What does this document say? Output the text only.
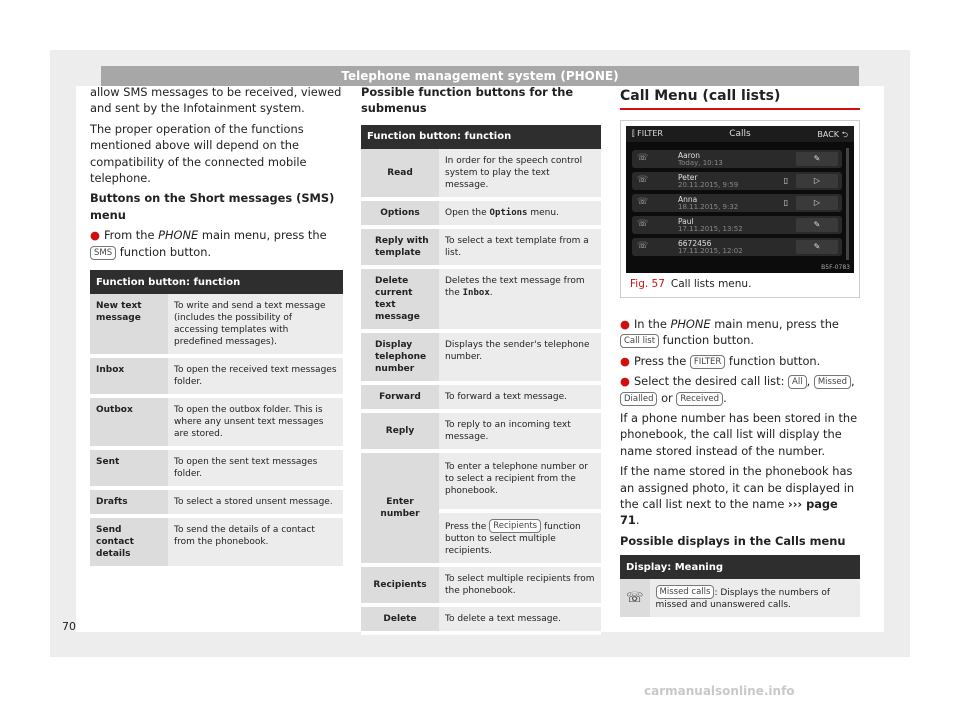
Telephone management system (PHONE)

allow SMS messages to be received, viewed and sent by the Infotainment system.

The proper operation of the functions mentioned above will depend on the compatibility of the connected mobile telephone.

Buttons on the Short messages (SMS) menu

● From the PHONE main menu, press the SMS function button.

Function button: function	
New text message	To write and send a text message (includes the possibility of accessing templates with predefined messages).
Inbox	To open the received text messages folder.
Outbox	To open the outbox folder. This is where any unsent text messages are stored.
Sent	To open the sent text messages folder.
Drafts	To select a stored unsent message.
Send contact details	To send the details of a contact from the phonebook.

Possible function buttons for the submenus

Function button: function	
Read	In order for the speech control system to play the text message.
Options	Open the Options menu.
Reply with template	To select a text template from a list.
Delete current text message	Deletes the text message from the Inbox.
Display telephone number	Displays the sender's telephone number.
Forward	To forward a text message.
Reply	To reply to an incoming text message.
Enter number	To enter a telephone number or to select a recipient from the phonebook.
	Press the Recipients function button to select multiple recipients.
Recipients	To select multiple recipients from the phonebook.
Delete	To delete a text message.
Call Menu (call lists)
⫿ FILTER	Calls	BACK ⮌
☏	Aaron
Today, 10:13	✎
☏	Peter
20.11.2015, 9:59	▯	▷
☏	Anna
18.11.2015, 9:32	▯	▷
☏	Paul
17.11.2015, 13:52	✎
☏	6672456
17.11.2015, 12:02	✎
B5F-0783
Fig. 57 Call lists menu.

● In the PHONE main menu, press the Call list function button.

● Press the FILTER function button.

● Select the desired call list: All , Missed , Dialled or Received .

If a phone number has been stored in the phonebook, the call list will display the name stored instead of the number.

If the name stored in the phonebook has an assigned photo, it can be displayed in the call list next to the name ››› page 71.

Possible displays in the Calls menu

Display: Meaning
☏	Missed calls : Displays the numbers of missed and unanswered calls.
70
carmanualsonline.info
